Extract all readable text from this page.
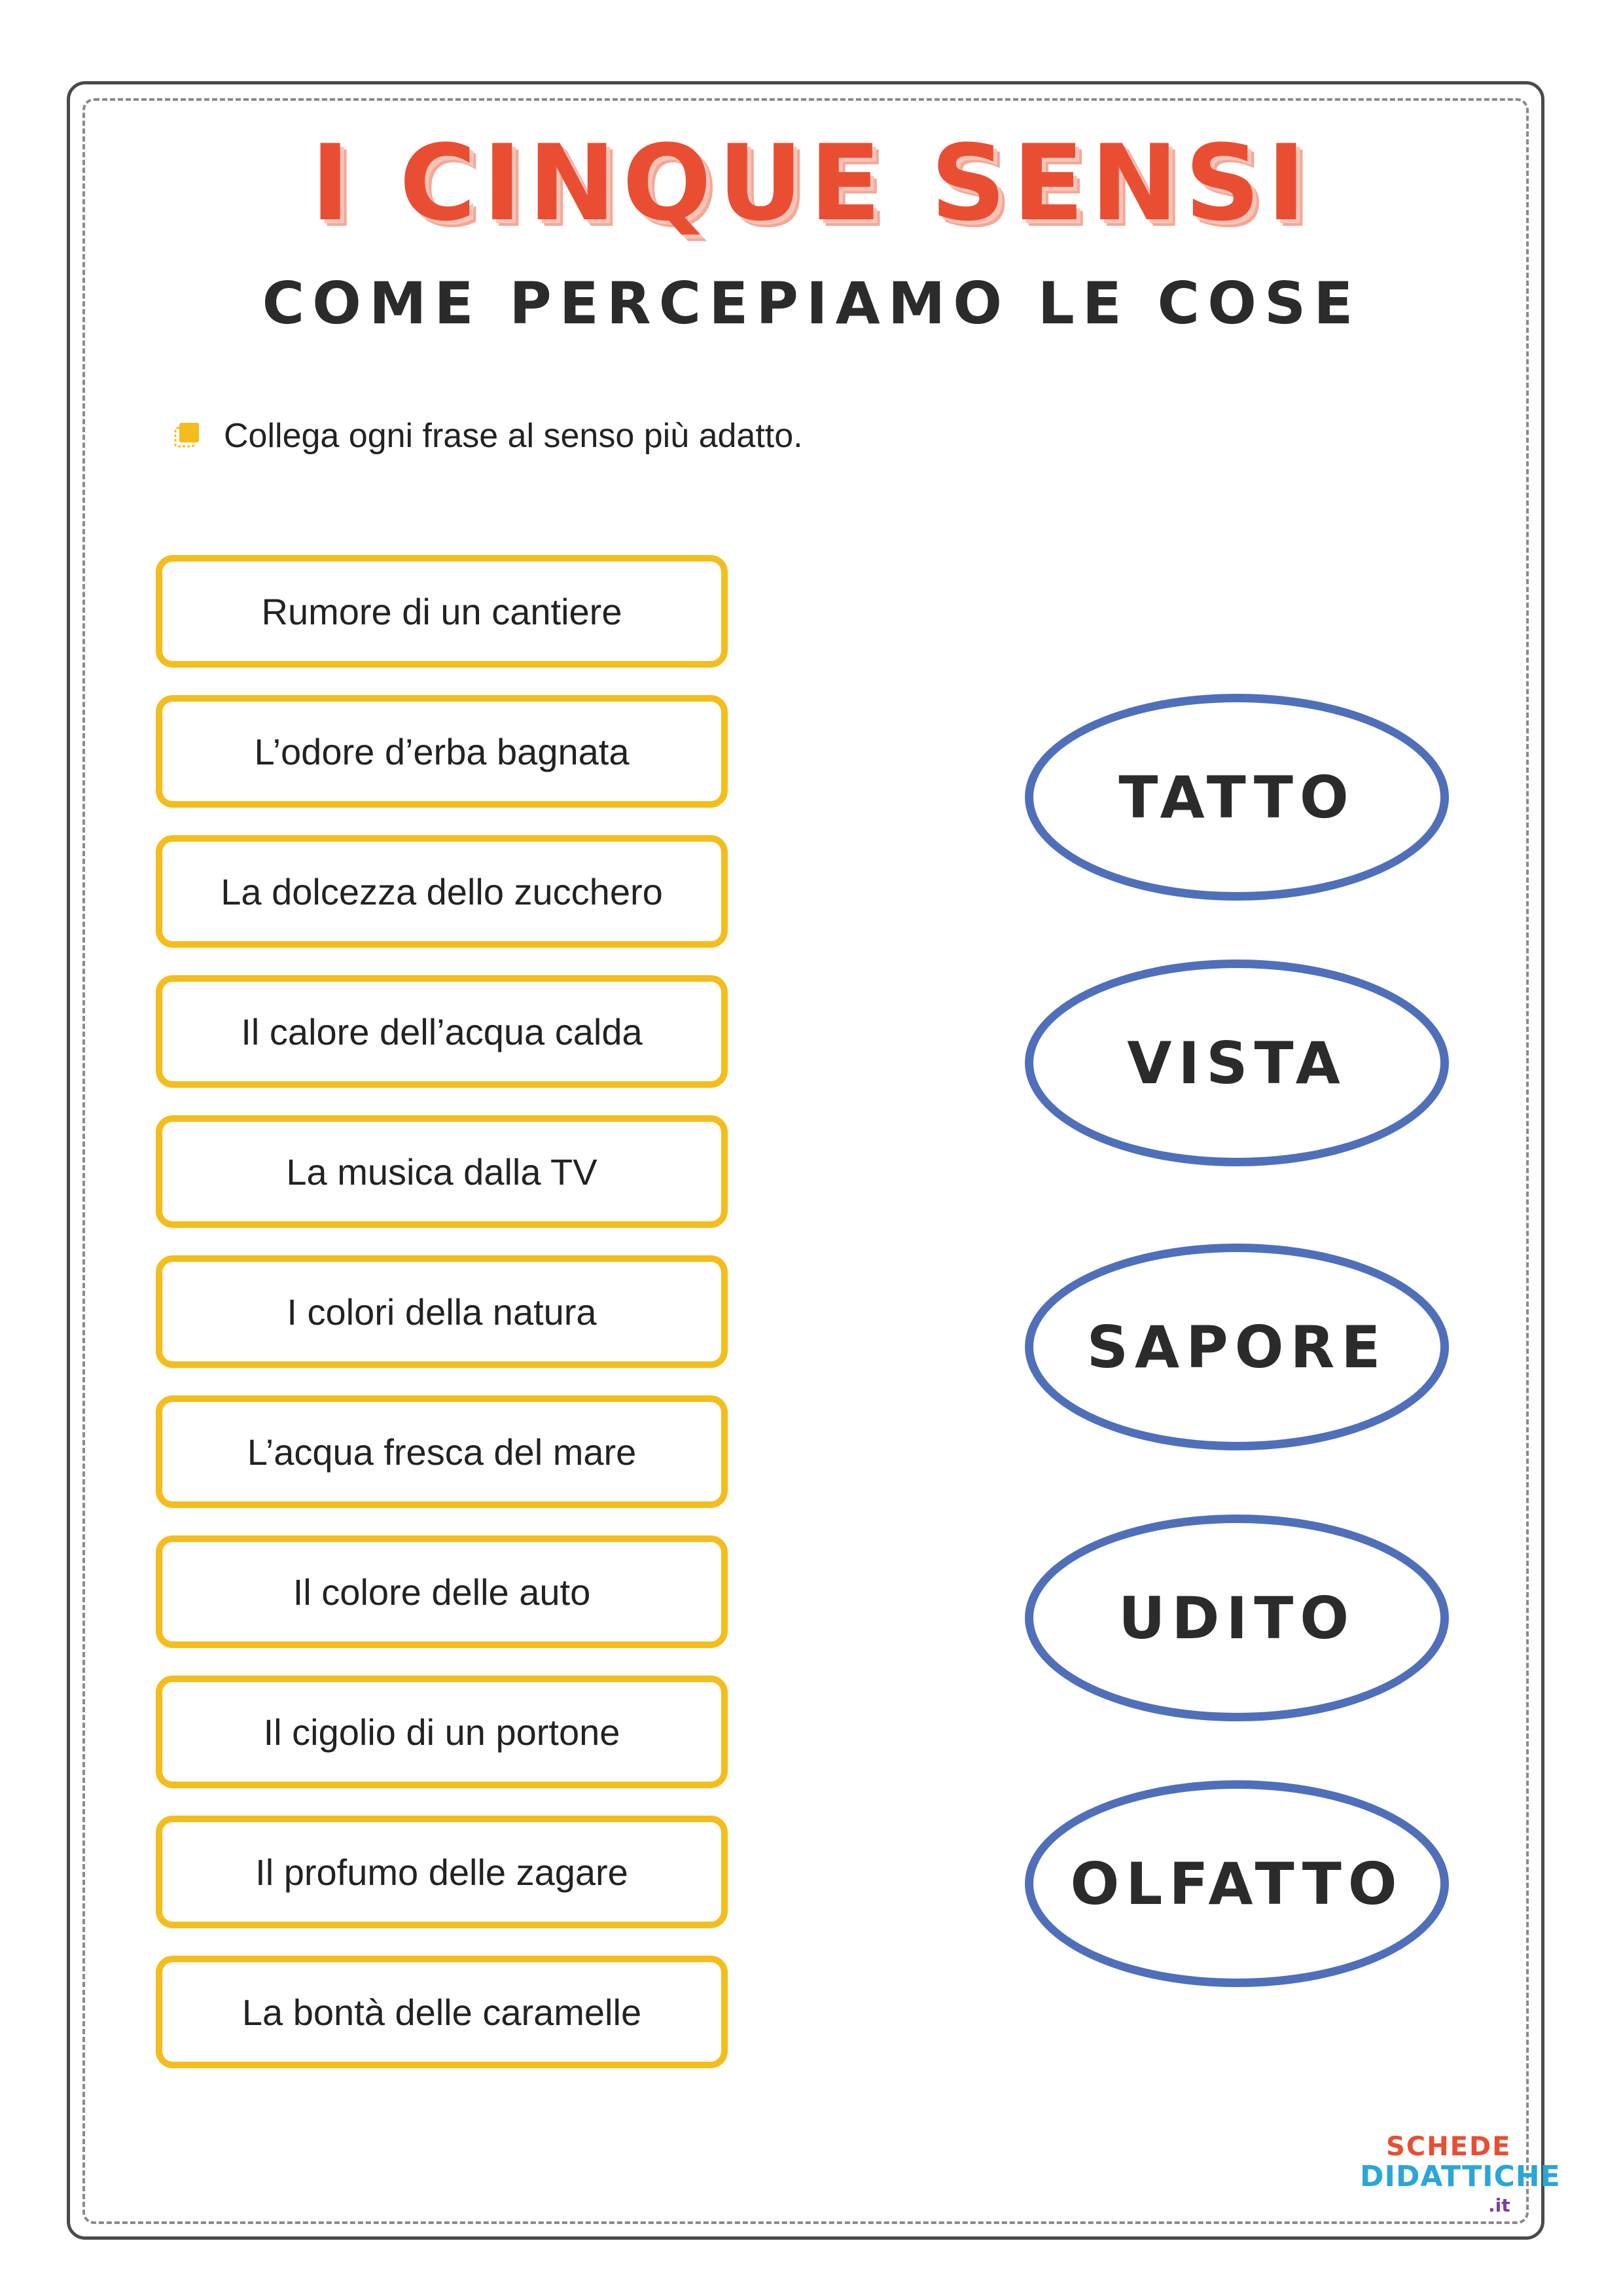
I CINQUE SENSI
COME PERCEPIAMO LE COSE
Collega ogni frase al senso più adatto.
Rumore di un cantiere
L’odore d’erba bagnata
La dolcezza dello zucchero
Il calore dell’acqua calda
La musica dalla TV
I colori della natura
L’acqua fresca del mare
Il colore delle auto
Il cigolio di un portone
Il profumo delle zagare
La bontà delle caramelle
TATTO
VISTA
SAPORE
UDITO
OLFATTO
SCHEDE
DIDATTICHE
.it
